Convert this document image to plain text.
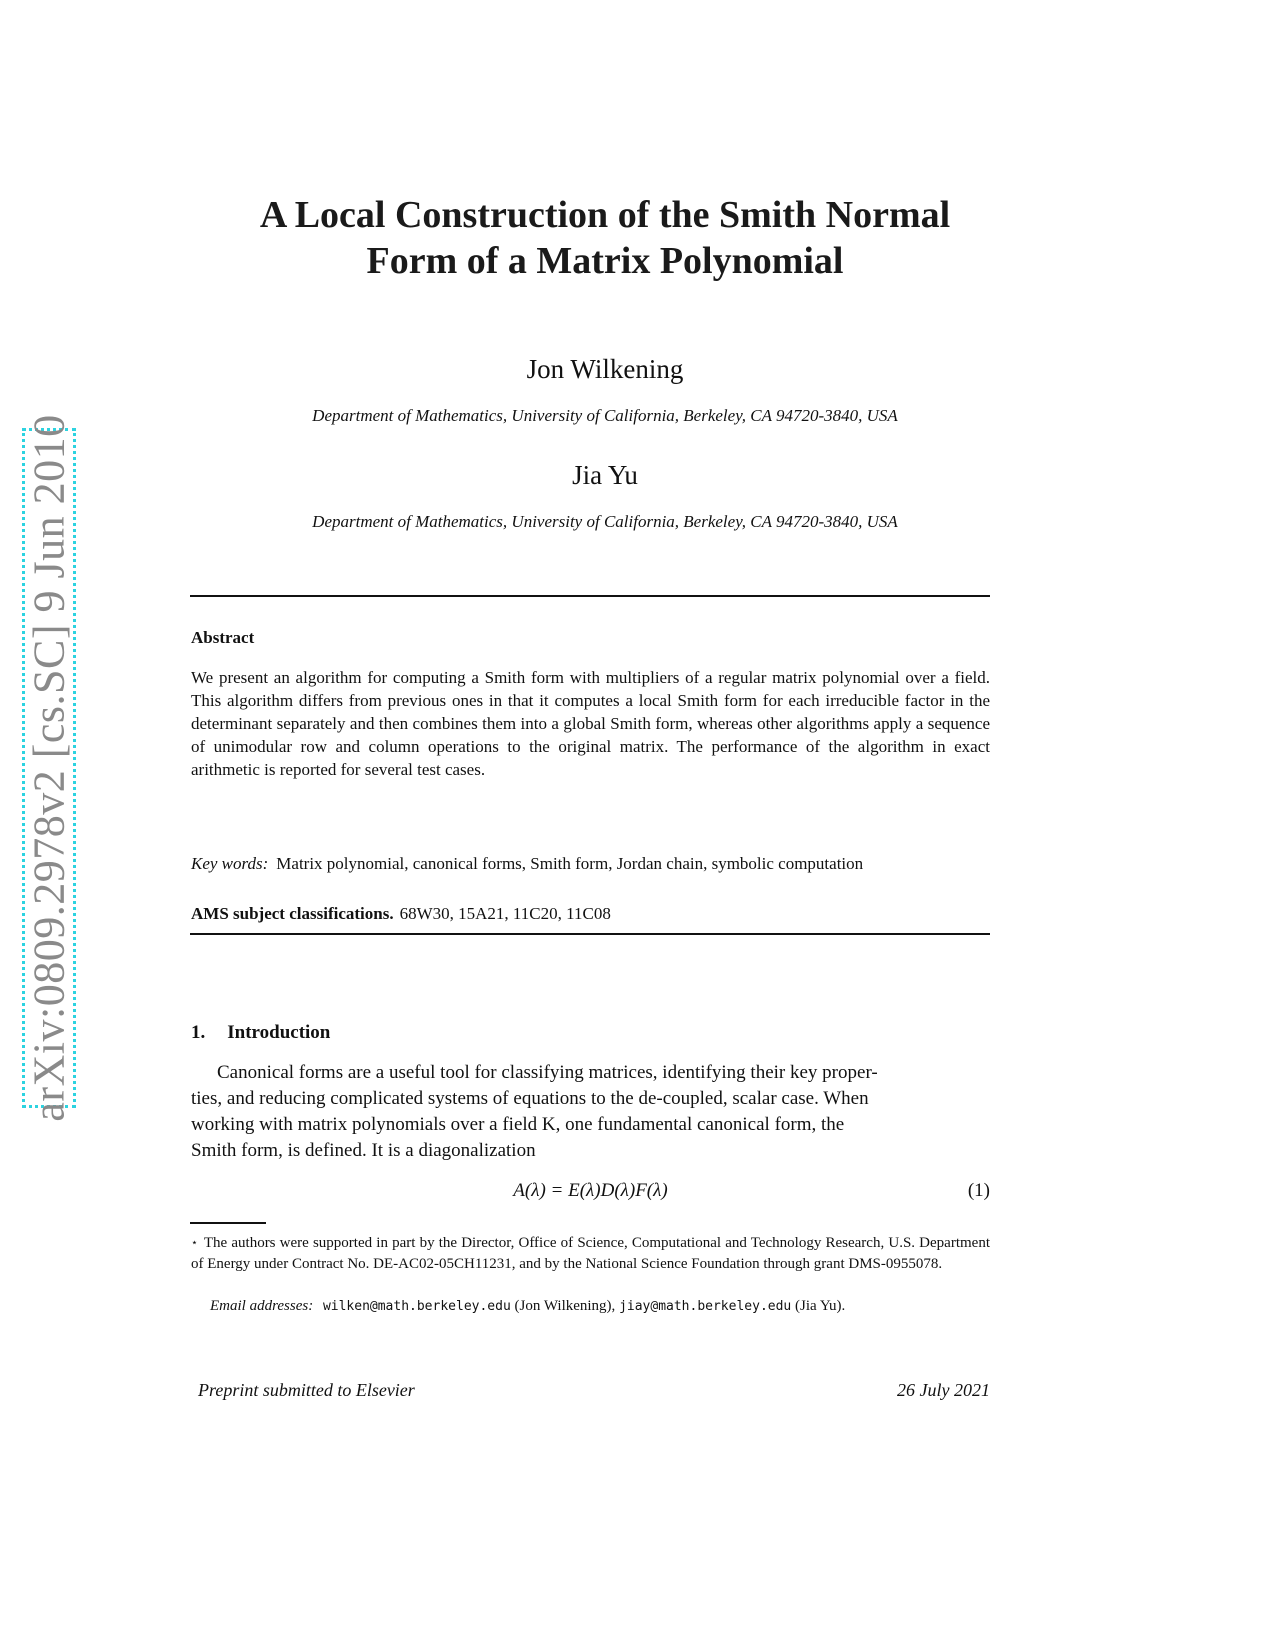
arXiv:0809.2978v2 [cs.SC] 9 Jun 2010
A Local Construction of the Smith Normal
Form of a Matrix Polynomial
Jon Wilkening
Department of Mathematics, University of California, Berkeley, CA 94720-3840, USA
Jia Yu
Department of Mathematics, University of California, Berkeley, CA 94720-3840, USA
Abstract
We present an algorithm for computing a Smith form with multipliers of a regular matrix polynomial over a field. This algorithm differs from previous ones in that it computes a local Smith form for each irreducible factor in the determinant separately and then combines them into a global Smith form, whereas other algorithms apply a sequence of unimodular row and column operations to the original matrix. The performance of the algorithm in exact arithmetic is reported for several test cases.
Key words: Matrix polynomial, canonical forms, Smith form, Jordan chain, symbolic computation
AMS subject classifications. 68W30, 15A21, 11C20, 11C08
1. Introduction
Canonical forms are a useful tool for classifying matrices, identifying their key proper-
ties, and reducing complicated systems of equations to the de-coupled, scalar case. When
working with matrix polynomials over a field K, one fundamental canonical form, the
Smith form, is defined. It is a diagonalization
A(λ) = E(λ)D(λ)F(λ)	(1)
⋆ The authors were supported in part by the Director, Office of Science, Computational and Technology Research, U.S. Department of Energy under Contract No. DE-AC02-05CH11231, and by the National Science Foundation through grant DMS-0955078.
Email addresses: wilken@math.berkeley.edu (Jon Wilkening), jiay@math.berkeley.edu (Jia Yu).
Preprint submitted to Elsevier	26 July 2021
